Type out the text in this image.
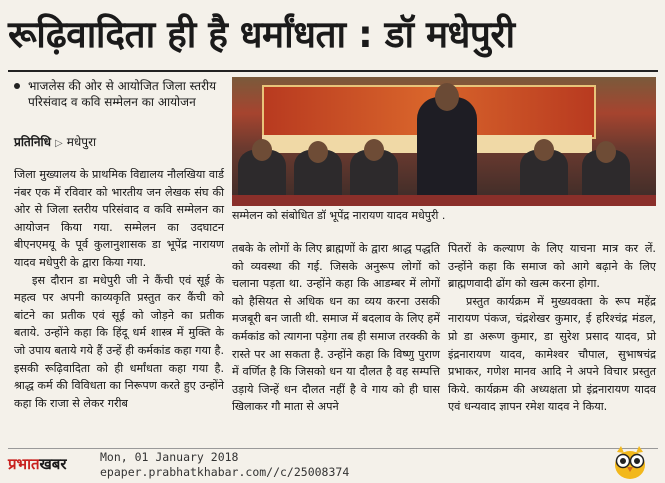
रूढ़िवादिता ही है धर्मांधता : डॉ मधेपुरी
भाजलेस की ओर से आयोजित जिला स्तरीय परिसंवाद व कवि सम्मेलन का आयोजन
प्रतिनिधि ▷ मधेपुरा
सम्मेलन को संबोधित डॉ भूपेंद्र नारायण यादव मधेपुरी .

जिला मुख्यालय के प्राथमिक विद्यालय नौलखिया वार्ड नंबर एक में रविवार को भारतीय जन लेखक संघ की ओर से जिला स्तरीय परिसंवाद व कवि सम्मेलन का आयोजन किया गया. सम्मेलन का उदघाटन बीएनएमयू के पूर्व कुलानुशासक डा भूपेंद्र नारायण यादव मधेपुरी के द्वारा किया गया.

इस दौरान डा मधेपुरी जी ने कैंची एवं सूई के महत्व पर अपनी काव्यकृति प्रस्तुत कर कैंची को बांटने का प्रतीक एवं सूई को जोड़ने का प्रतीक बताये. उन्होंने कहा कि हिंदू धर्म शास्त्र में मुक्ति के जो उपाय बताये गये हैं उन्हें ही कर्मकांड कहा गया है. इसकी रूढ़िवादिता को ही धर्मांधता कहा गया है. श्राद्ध कर्म की विविधता का निरूपण करते हुए उन्होंने कहा कि राजा से लेकर गरीब

तबके के लोगों के लिए ब्राह्मणों के द्वारा श्राद्ध पद्धति को व्यवस्था की गई. जिसके अनुरूप लोगों को चलाना पड़ता था. उन्होंने कहा कि आडम्बर में लोगों को हैसियत से अधिक धन का व्यय करना उसकी मजबूरी बन जाती थी. समाज में बदलाव के लिए हमें कर्मकांड को त्यागना पड़ेगा तब ही समाज तरक्की के रास्ते पर आ सकता है. उन्होंने कहा कि विष्णु पुराण में वर्णित है कि जिसको धन या दौलत है वह सम्पत्ति उड़ाये जिन्हें धन दौलत नहीं है वे गाय को ही घास खिलाकर गौ माता से अपने

पितरों के कल्याण के लिए याचना मात्र कर लें. उन्होंने कहा कि समाज को आगे बढ़ाने के लिए ब्राह्मणवादी ढोंग को खत्म करना होगा.

प्रस्तुत कार्यक्रम में मुख्यवक्ता के रूप महेंद्र नारायण पंकज, चंद्रशेखर कुमार, ई हरिश्चंद्र मंडल, प्रो डा अरूण कुमार, डा सुरेश प्रसाद यादव, प्रो इंद्रनारायण यादव, कामेश्वर चौपाल, सुभाषचंद्र प्रभाकर, गणेश मानव आदि ने अपने विचार प्रस्तुत किये. कार्यक्रम की अध्यक्षता प्रो इंद्रनारायण यादव एवं धन्यवाद ज्ञापन रमेश यादव ने किया.

प्रभातखबर	Mon, 01 January 2018
epaper.prabhatkhabar.com//c/25008374
